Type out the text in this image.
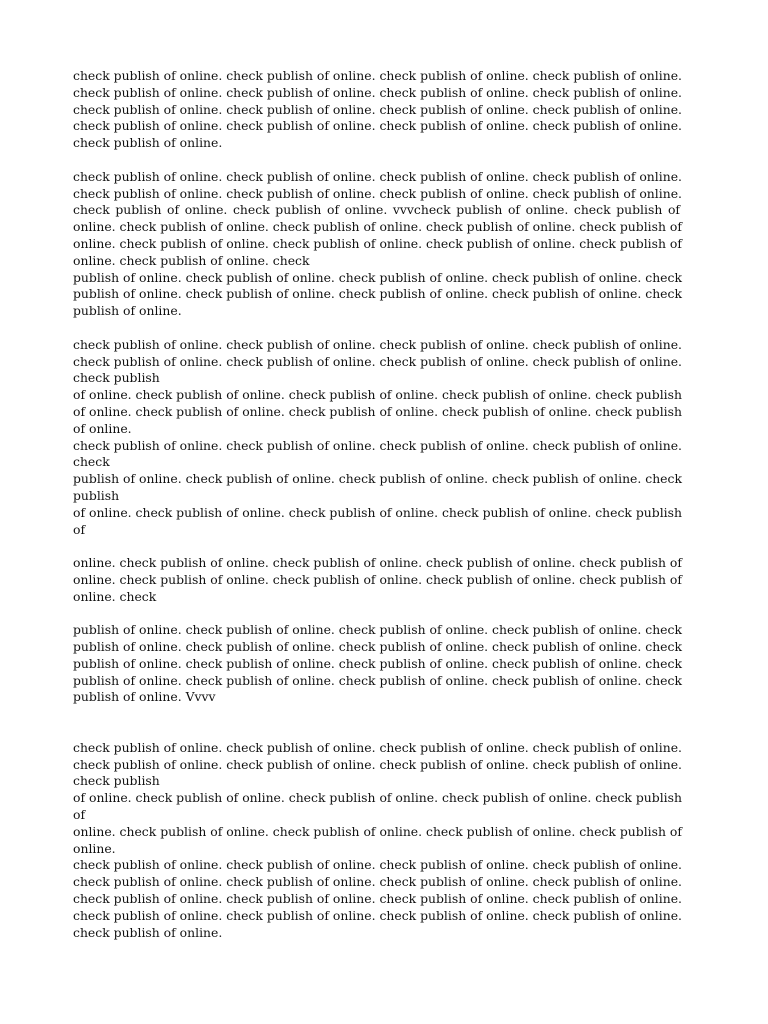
check publish of online. check publish of online. check publish of online. check publish of online.
check publish of online. check publish of online. check publish of online. check publish of online.
check publish of online. check publish of online. check publish of online. check publish of online.
check publish of online. check publish of online. check publish of online. check publish of online.
check publish of online.

check publish of online. check publish of online. check publish of online. check publish of online.
check publish of online. check publish of online. check publish of online. check publish of online.
check publish of online. check publish of online. vvvcheck publish of online. check publish of
online. check publish of online. check publish of online. check publish of online. check publish of
online. check publish of online. check publish of online. check publish of online. check publish of
online. check publish of online. check
publish of online. check publish of online. check publish of online. check publish of online. check
publish of online. check publish of online. check publish of online. check publish of online. check
publish of online.

check publish of online. check publish of online. check publish of online. check publish of online.
check publish of online. check publish of online. check publish of online. check publish of online.
check publish
of online. check publish of online. check publish of online. check publish of online. check publish
of online. check publish of online. check publish of online. check publish of online. check publish
of online.
check publish of online. check publish of online. check publish of online. check publish of online.
check
publish of online. check publish of online. check publish of online. check publish of online. check
publish
of online. check publish of online. check publish of online. check publish of online. check publish
of

online. check publish of online. check publish of online. check publish of online. check publish of
online. check publish of online. check publish of online. check publish of online. check publish of
online. check

publish of online. check publish of online. check publish of online. check publish of online. check
publish of online. check publish of online. check publish of online. check publish of online. check
publish of online. check publish of online. check publish of online. check publish of online. check
publish of online. check publish of online. check publish of online. check publish of online. check
publish of online. Vvvv

check publish of online. check publish of online. check publish of online. check publish of online.
check publish of online. check publish of online. check publish of online. check publish of online.
check publish
of online. check publish of online. check publish of online. check publish of online. check publish
of
online. check publish of online. check publish of online. check publish of online. check publish of
online.
check publish of online. check publish of online. check publish of online. check publish of online.
check publish of online. check publish of online. check publish of online. check publish of online.
check publish of online. check publish of online. check publish of online. check publish of online.
check publish of online. check publish of online. check publish of online. check publish of online.
check publish of online.
